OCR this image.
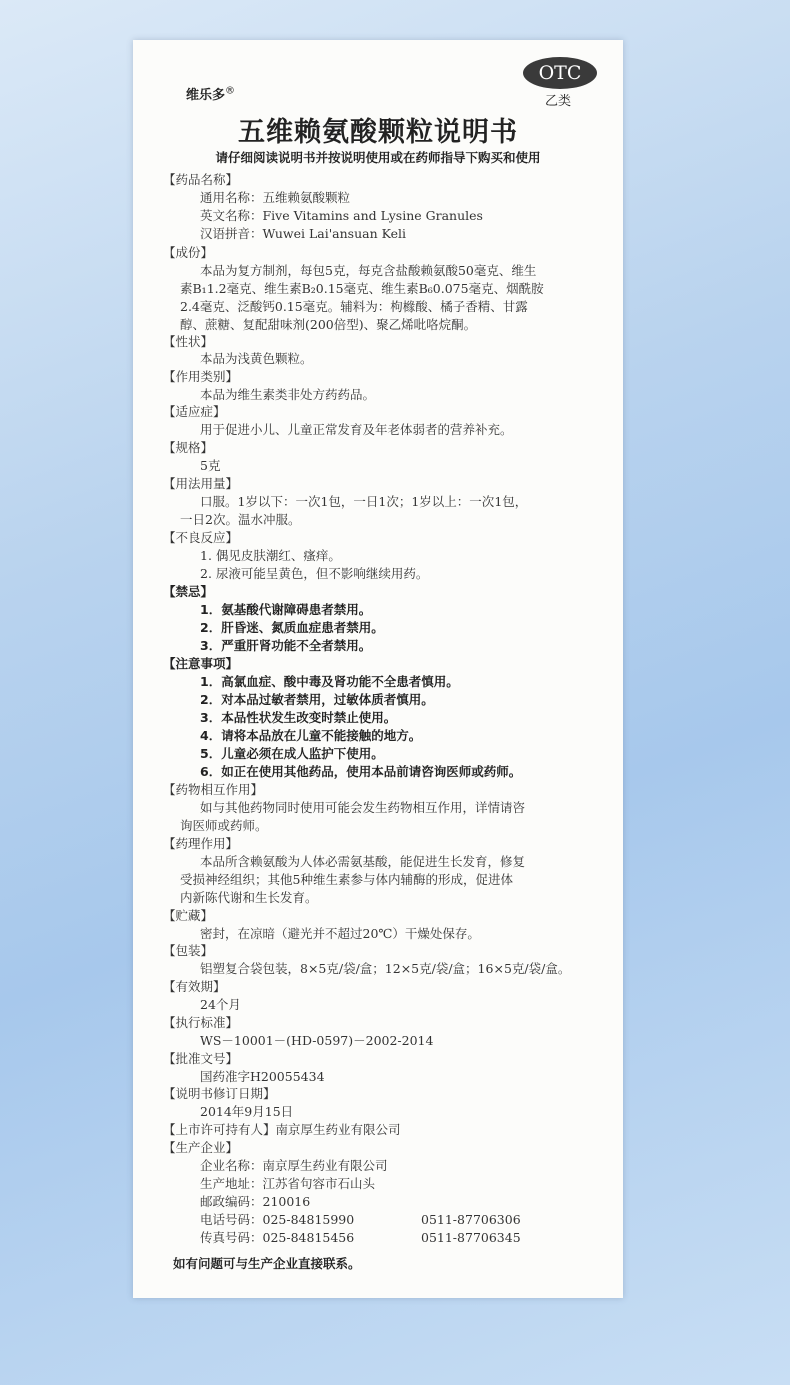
维乐多®
OTC
乙类
五维赖氨酸颗粒说明书
请仔细阅读说明书并按说明使用或在药师指导下购买和使用
【药品名称】
通用名称：五维赖氨酸颗粒
英文名称：Five Vitamins and Lysine Granules
汉语拼音：Wuwei Lai'ansuan Keli
【成份】
本品为复方制剂，每包5克，每克含盐酸赖氨酸50毫克、维生
素B₁1.2毫克、维生素B₂0.15毫克、维生素B₆0.075毫克、烟酰胺
2.4毫克、泛酸钙0.15毫克。辅料为：枸橼酸、橘子香精、甘露
醇、蔗糖、复配甜味剂(200倍型)、聚乙烯吡咯烷酮。
【性状】
本品为浅黄色颗粒。
【作用类别】
本品为维生素类非处方药药品。
【适应症】
用于促进小儿、儿童正常发育及年老体弱者的营养补充。
【规格】
5克
【用法用量】
口服。1岁以下：一次1包，一日1次；1岁以上：一次1包，
一日2次。温水冲服。
【不良反应】
1. 偶见皮肤潮红、瘙痒。
2. 尿液可能呈黄色，但不影响继续用药。
【禁忌】
1．氨基酸代谢障碍患者禁用。
2．肝昏迷、氮质血症患者禁用。
3．严重肝肾功能不全者禁用。
【注意事项】
1．高氯血症、酸中毒及肾功能不全患者慎用。
2．对本品过敏者禁用，过敏体质者慎用。
3．本品性状发生改变时禁止使用。
4．请将本品放在儿童不能接触的地方。
5．儿童必须在成人监护下使用。
6．如正在使用其他药品，使用本品前请咨询医师或药师。
【药物相互作用】
如与其他药物同时使用可能会发生药物相互作用，详情请咨
询医师或药师。
【药理作用】
本品所含赖氨酸为人体必需氨基酸，能促进生长发育，修复
受损神经组织；其他5种维生素参与体内辅酶的形成，促进体
内新陈代谢和生长发育。
【贮藏】
密封，在凉暗（避光并不超过20℃）干燥处保存。
【包装】
铝塑复合袋包装，8×5克/袋/盒；12×5克/袋/盒；16×5克/袋/盒。
【有效期】
24个月
【执行标准】
WS－10001－(HD-0597)－2002-2014
【批准文号】
国药准字H20055434
【说明书修订日期】
2014年9月15日
【上市许可持有人】南京厚生药业有限公司
【生产企业】
企业名称：南京厚生药业有限公司
生产地址：江苏省句容市石山头
邮政编码：210016
电话号码：025-84815990	0511-87706306
传真号码：025-84815456	0511-87706345
如有问题可与生产企业直接联系。
